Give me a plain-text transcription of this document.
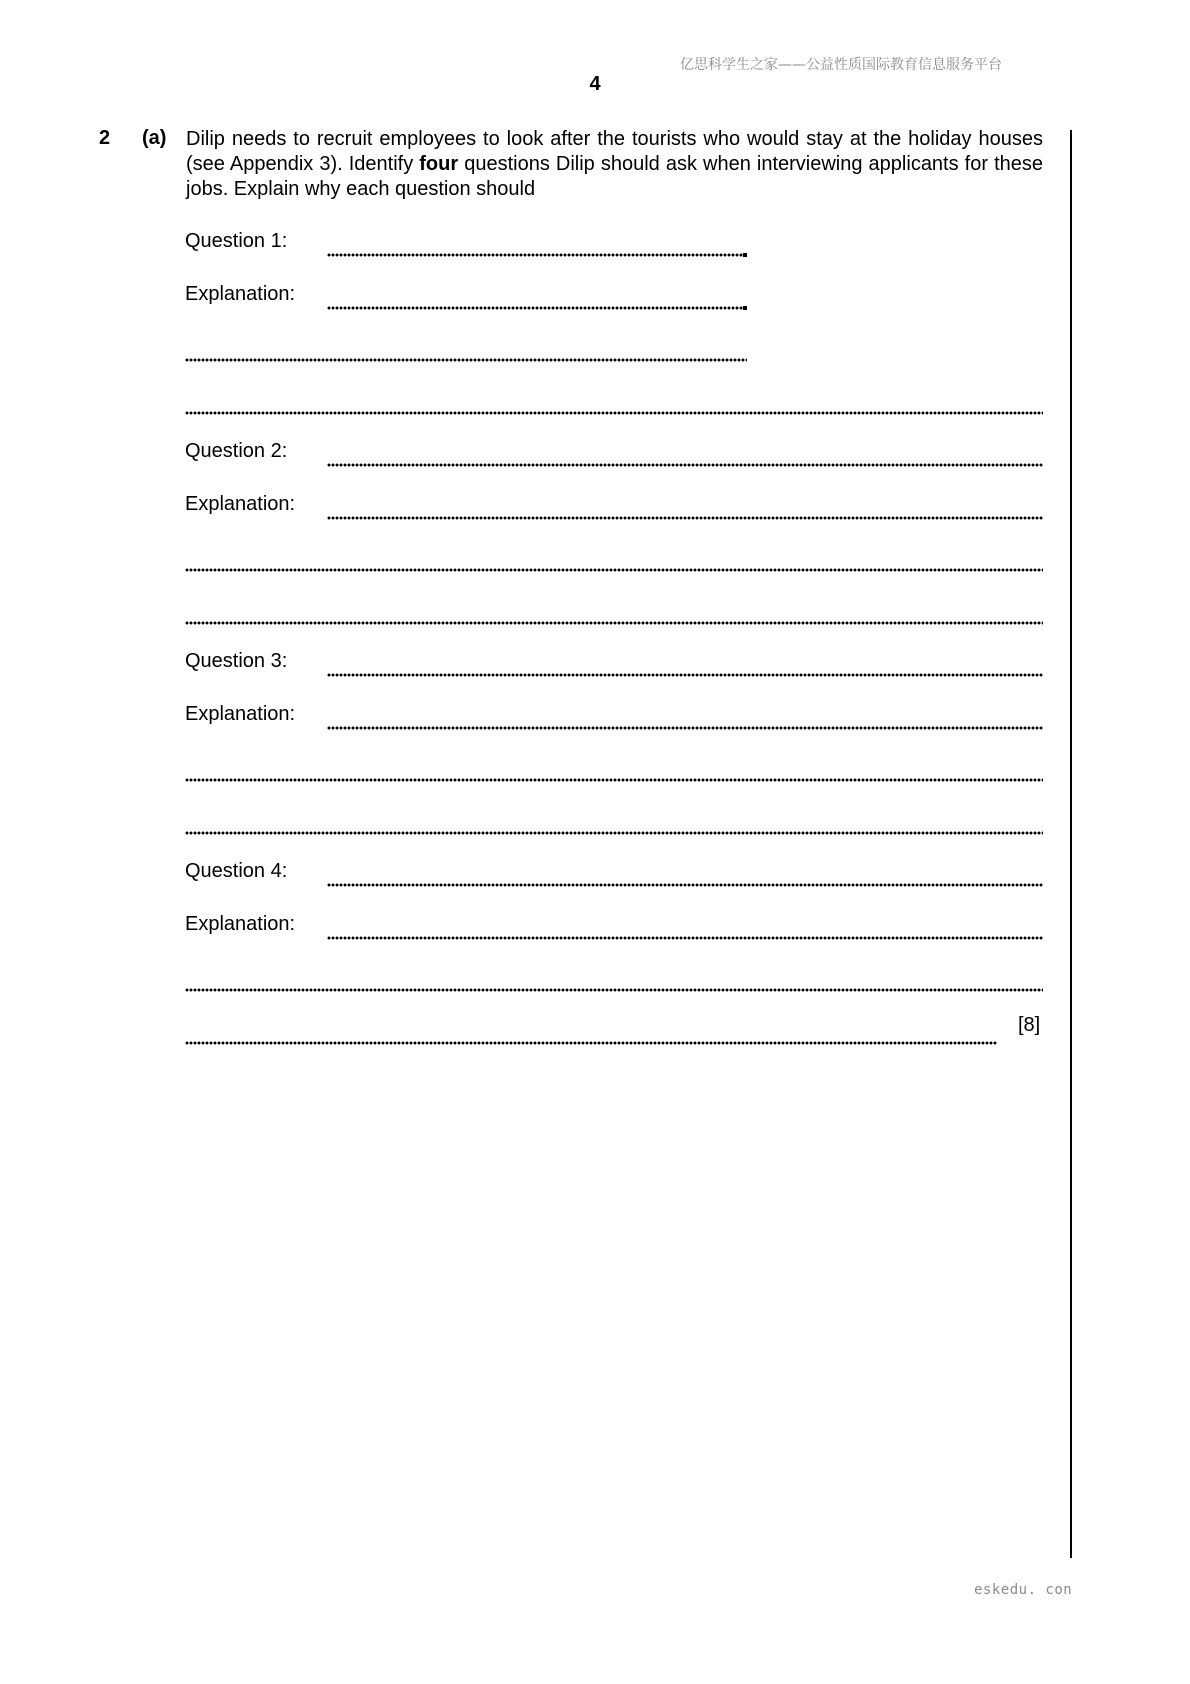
亿思科学生之家——公益性质国际教育信息服务平台
4
2 (a) Dilip needs to recruit employees to look after the tourists who would stay at the holiday houses (see Appendix 3). Identify four questions Dilip should ask when interviewing applicants for these jobs. Explain why each question should

Question 1:
Explanation:
Question 2:
Explanation:
Question 3:
Explanation:
Question 4:
Explanation:
[8]
eskedu. con
